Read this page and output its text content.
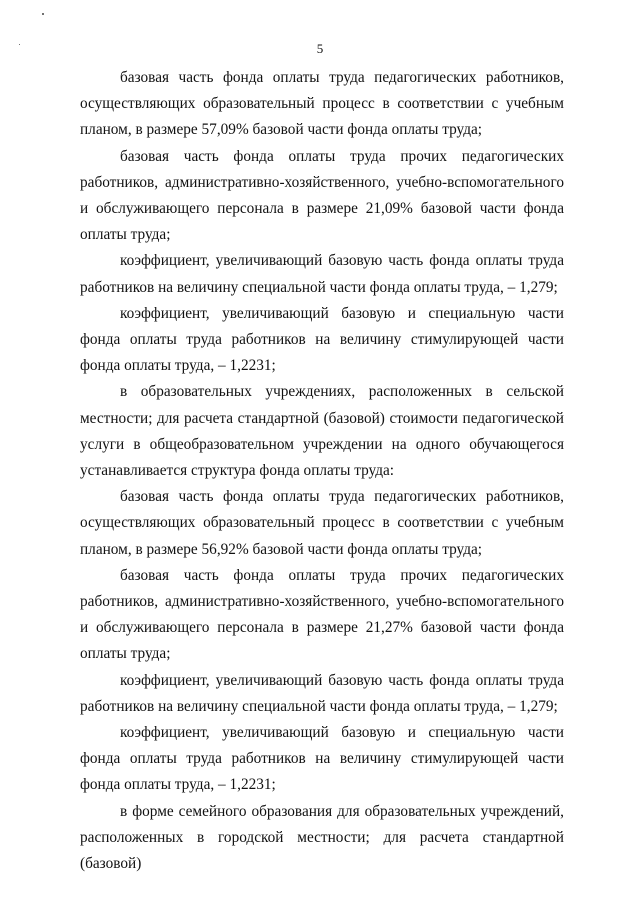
5

базовая часть фонда оплаты труда педагогических работников, осуществляющих образовательный процесс в соответствии с учебным планом, в размере 57,09% базовой части фонда оплаты труда;

базовая часть фонда оплаты труда прочих педагогических работников, административно-хозяйственного, учебно-вспомогательного и обслуживающего персонала в размере 21,09% базовой части фонда оплаты труда;

коэффициент, увеличивающий базовую часть фонда оплаты труда работников на величину специальной части фонда оплаты труда, – 1,279;

коэффициент, увеличивающий базовую и специальную части фонда оплаты труда работников на величину стимулирующей части фонда оплаты труда, – 1,2231;

в образовательных учреждениях, расположенных в сельской местности; для расчета стандартной (базовой) стоимости педагогической услуги в общеобразовательном учреждении на одного обучающегося устанавливается структура фонда оплаты труда:

базовая часть фонда оплаты труда педагогических работников, осуществляющих образовательный процесс в соответствии с учебным планом, в размере 56,92% базовой части фонда оплаты труда;

базовая часть фонда оплаты труда прочих педагогических работников, административно-хозяйственного, учебно-вспомогательного и обслуживающего персонала в размере 21,27% базовой части фонда оплаты труда;

коэффициент, увеличивающий базовую часть фонда оплаты труда работников на величину специальной части фонда оплаты труда, – 1,279;

коэффициент, увеличивающий базовую и специальную части фонда оплаты труда работников на величину стимулирующей части фонда оплаты труда, – 1,2231;

в форме семейного образования для образовательных учреждений, расположенных в городской местности; для расчета стандартной (базовой)
